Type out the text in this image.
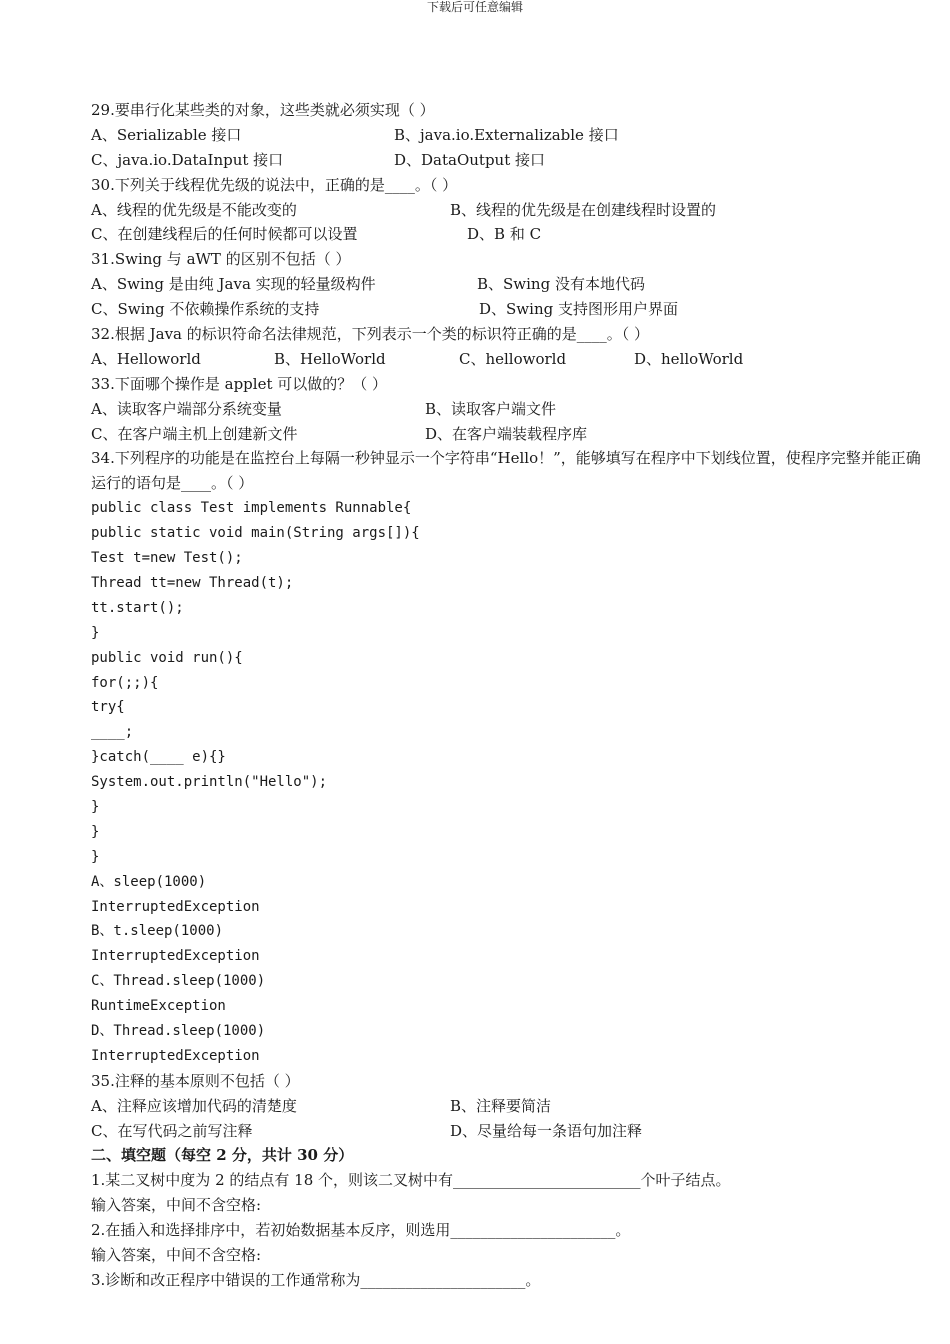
下载后可任意编辑
29.要串行化某些类的对象，这些类就必须实现（ ）
A、Serializable 接口	B、java.io.Externalizable 接口
C、java.io.DataInput 接口	D、DataOutput 接口
30.下列关于线程优先级的说法中，正确的是____。（ ）
A、线程的优先级是不能改变的	B、线程的优先级是在创建线程时设置的
C、在创建线程后的任何时候都可以设置	D、B 和 C
31.Swing 与 aWT 的区别不包括（ ）
A、Swing 是由纯 Java 实现的轻量级构件	B、Swing 没有本地代码
C、Swing 不依赖操作系统的支持	D、Swing 支持图形用户界面
32.根据 Java 的标识符命名法律规范，下列表示一个类的标识符正确的是____。（ ）
A、Helloworld	B、HelloWorld	C、helloworld	D、helloWorld
33.下面哪个操作是 applet 可以做的？（ ）
A、读取客户端部分系统变量	B、读取客户端文件
C、在客户端主机上创建新文件	D、在客户端装载程序库
34.下列程序的功能是在监控台上每隔一秒钟显示一个字符串“Hello！”，能够填写在程序中下划线位置，使程序完整并能正确运行的语句是____。（ ）
public class Test implements Runnable{
public static void main(String args[]){
Test t=new Test();
Thread tt=new Thread(t);
tt.start();
}
public void run(){
for(;;){
try{
____;
}catch(____ e){}
System.out.println("Hello");
}
}
}
A、sleep(1000)
InterruptedException
B、t.sleep(1000)
InterruptedException
C、Thread.sleep(1000)
RuntimeException
D、Thread.sleep(1000)
InterruptedException
35.注释的基本原则不包括（ ）
A、注释应该增加代码的清楚度	B、注释要简洁
C、在写代码之前写注释	D、尽量给每一条语句加注释
二、填空题（每空 2 分，共计 30 分）
1.某二叉树中度为 2 的结点有 18 个，则该二叉树中有_________________________个叶子结点。
输入答案，中间不含空格:
2.在插入和选择排序中，若初始数据基本反序，则选用______________________。
输入答案，中间不含空格:
3.诊断和改正程序中错误的工作通常称为______________________。
